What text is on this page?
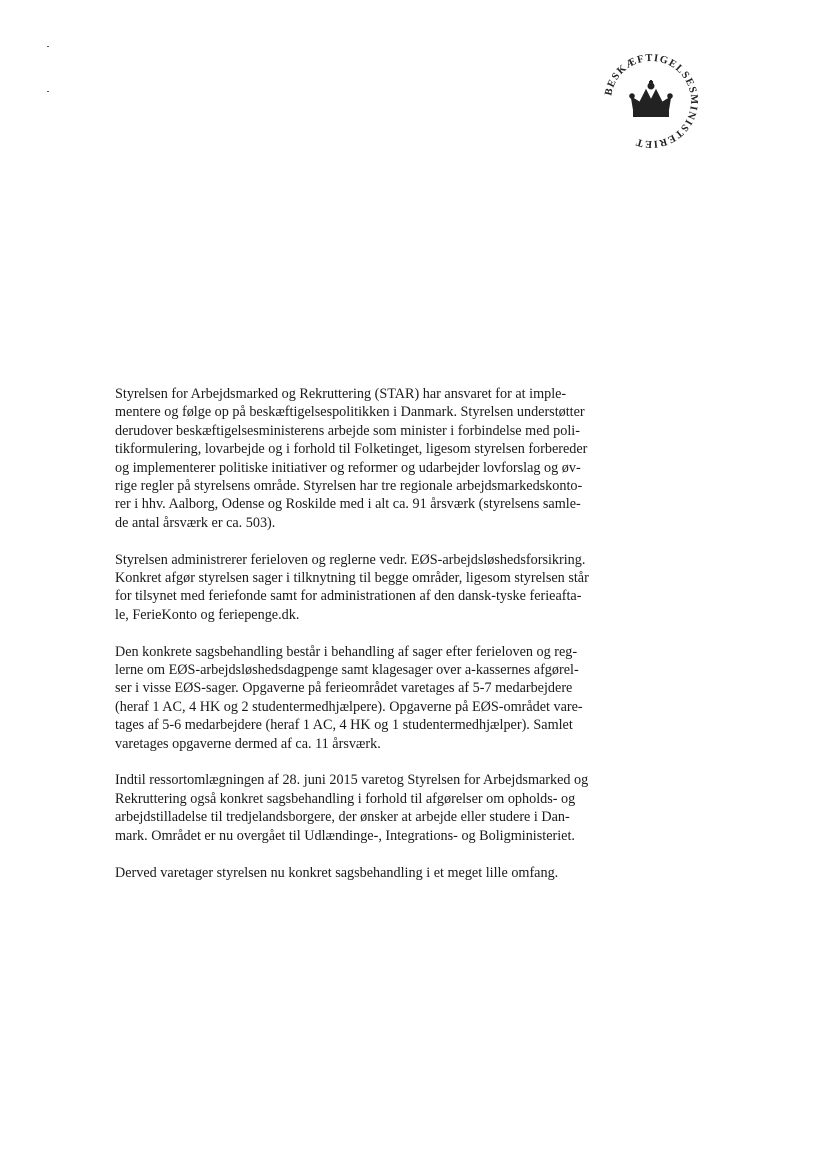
BESKÆFTIGELSESMINISTERIET

Styrelsen for Arbejdsmarked og Rekruttering (STAR) har ansvaret for at imple-
mentere og følge op på beskæftigelsespolitikken i Danmark. Styrelsen understøtter
derudover beskæftigelsesministerens arbejde som minister i forbindelse med poli-
tikformulering, lovarbejde og i forhold til Folketinget, ligesom styrelsen forbereder
og implementerer politiske initiativer og reformer og udarbejder lovforslag og øv-
rige regler på styrelsens område. Styrelsen har tre regionale arbejdsmarkedskonto-
rer i hhv. Aalborg, Odense og Roskilde med i alt ca. 91 årsværk (styrelsens samle-
de antal årsværk er ca. 503).

Styrelsen administrerer ferieloven og reglerne vedr. EØS-arbejdsløshedsforsikring.
Konkret afgør styrelsen sager i tilknytning til begge områder, ligesom styrelsen står
for tilsynet med feriefonde samt for administrationen af den dansk-tyske ferieafta-
le, FerieKonto og feriepenge.dk.

Den konkrete sagsbehandling består i behandling af sager efter ferieloven og reg-
lerne om EØS-arbejdsløshedsdagpenge samt klagesager over a-kassernes afgørel-
ser i visse EØS-sager. Opgaverne på ferieområdet varetages af 5-7 medarbejdere
(heraf 1 AC, 4 HK og 2 studentermedhjælpere). Opgaverne på EØS-området vare-
tages af 5-6 medarbejdere (heraf 1 AC, 4 HK og 1 studentermedhjælper). Samlet
varetages opgaverne dermed af ca. 11 årsværk.

Indtil ressortomlægningen af 28. juni 2015 varetog Styrelsen for Arbejdsmarked og
Rekruttering også konkret sagsbehandling i forhold til afgørelser om opholds- og
arbejdstilladelse til tredjelandsborgere, der ønsker at arbejde eller studere i Dan-
mark. Området er nu overgået til Udlændinge-, Integrations- og Boligministeriet.

Derved varetager styrelsen nu konkret sagsbehandling i et meget lille omfang.
